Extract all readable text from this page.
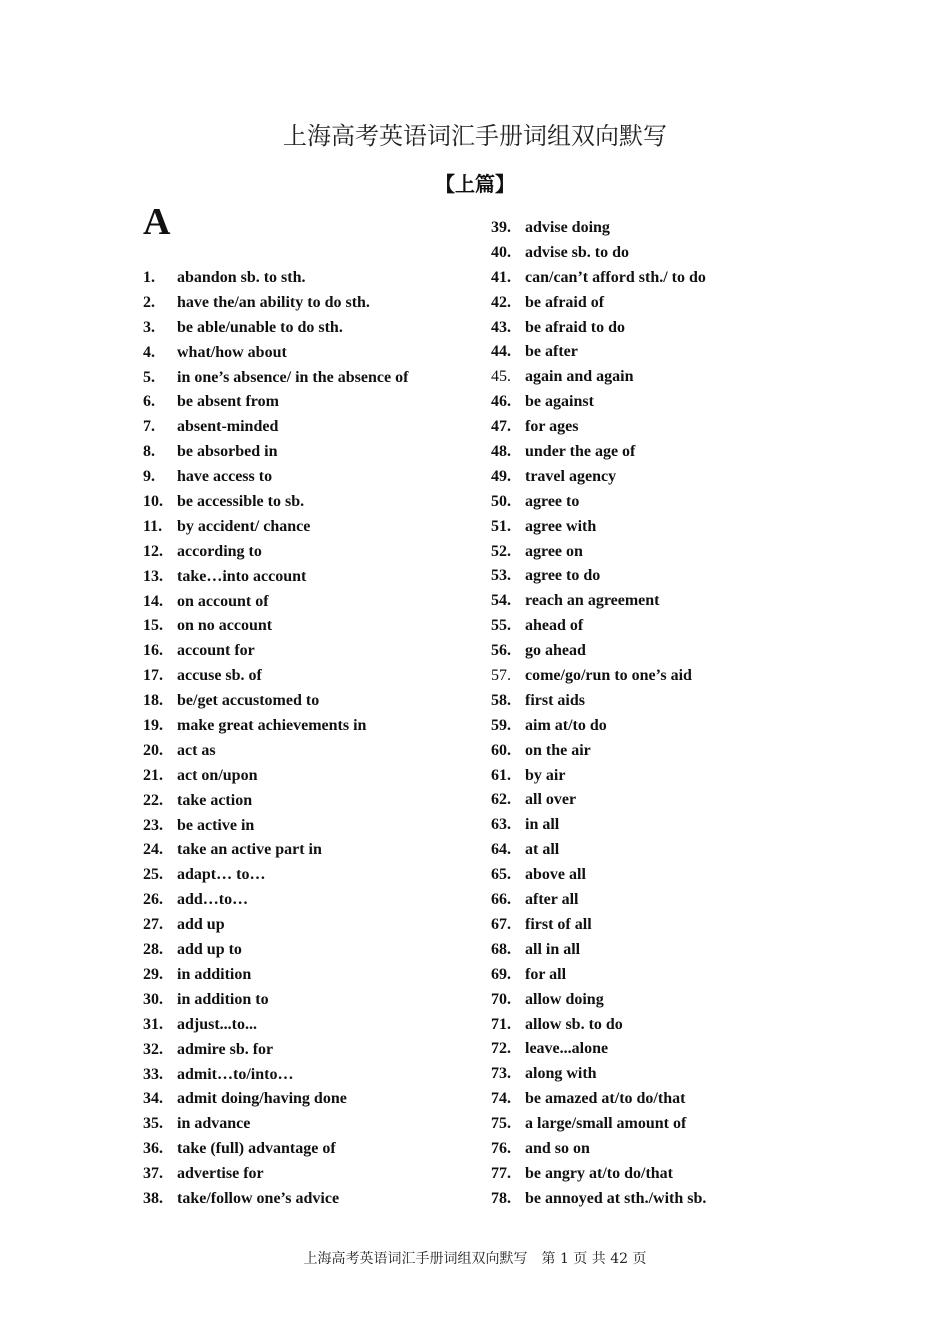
上海高考英语词汇手册词组双向默写
【上篇】
A
1. abandon sb. to sth.
2. have the/an ability to do sth.
3. be able/unable to do sth.
4. what/how about
5. in one’s absence/ in the absence of
6. be absent from
7. absent-minded
8. be absorbed in
9. have access to
10. be accessible to sb.
11. by accident/ chance
12. according to
13. take…into account
14. on account of
15. on no account
16. account for
17. accuse sb. of
18. be/get accustomed to
19. make great achievements in
20. act as
21. act on/upon
22. take action
23. be active in
24. take an active part in
25. adapt… to…
26. add…to…
27. add up
28. add up to
29. in addition
30. in addition to
31. adjust...to...
32. admire sb. for
33. admit…to/into…
34. admit doing/having done
35. in advance
36. take (full) advantage of
37. advertise for
38. take/follow one’s advice
39. advise doing
40. advise sb. to do
41. can/can’t afford sth./ to do
42. be afraid of
43. be afraid to do
44. be after
45. again and again
46. be against
47. for ages
48. under the age of
49. travel agency
50. agree to
51. agree with
52. agree on
53. agree to do
54. reach an agreement
55. ahead of
56. go ahead
57. come/go/run to one’s aid
58. first aids
59. aim at/to do
60. on the air
61. by air
62. all over
63. in all
64. at all
65. above all
66. after all
67. first of all
68. all in all
69. for all
70. allow doing
71. allow sb. to do
72. leave...alone
73. along with
74. be amazed at/to do/that
75. a large/small amount of
76. and so on
77. be angry at/to do/that
78. be annoyed at sth./with sb.
上海高考英语词汇手册词组双向默写　第 1 页 共 42 页
